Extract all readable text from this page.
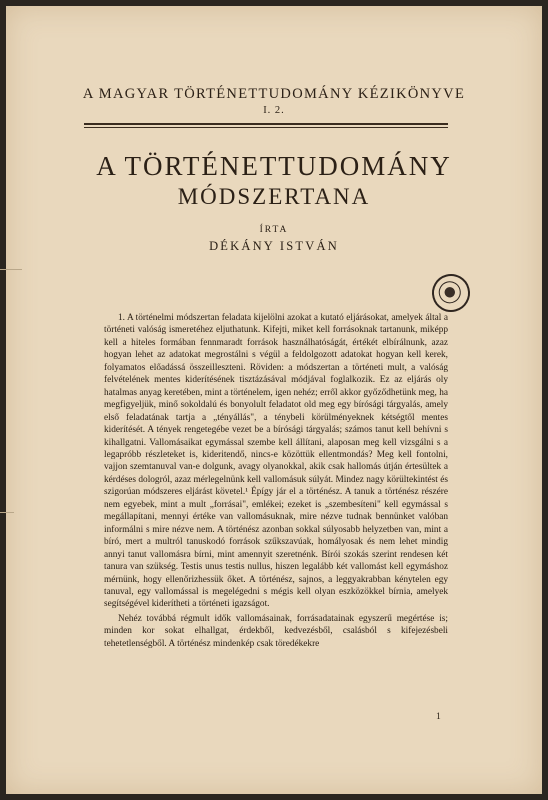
A MAGYAR TÖRTÉNETTUDOMÁNY KÉZIKÖNYVE
I. 2.
A TÖRTÉNETTUDOMÁNY
MÓDSZERTANA
ÍRTA
DÉKÁNY ISTVÁN

1. A történelmi módszertan feladata kijelölni azokat a kutató eljárásokat, amelyek által a történeti valóság ismeretéhez eljuthatunk. Kifejti, miket kell forrásoknak tartanunk, miképp kell a hiteles formában fennmaradt források használhatóságát, értékét elbírálnunk, azaz hogyan lehet az adatokat megrostálni s végül a feldolgozott adatokat hogyan kell kerek, folyamatos előadássá összeilleszteni. Röviden: a módszertan a történeti mult, a valóság felvételének mentes kiderítésének tisztázásával módjával foglalkozik. Ez az eljárás oly hatalmas anyag keretében, mint a történelem, igen nehéz; erről akkor győződhetünk meg, ha megfigyeljük, minő sokoldalú és bonyolult feladatot old meg egy bírósági tárgyalás, amely első feladatának tartja a „tényállás", a ténybeli körülményeknek kétségtől mentes kiderítését. A tények rengetegébe vezet be a bírósági tárgyalás; számos tanut kell behívni s kihallgatni. Vallomásaikat egymással szembe kell állítani, alaposan meg kell vizsgálni s a legapróbb részleteket is, kideritendő, nincs-e közöttük ellentmondás? Meg kell fontolni, vajjon szemtanuval van-e dolgunk, avagy olyanokkal, akik csak hallomás útján értesültek a kérdéses dologról, azaz mérlegelnünk kell vallomásuk súlyát. Mindez nagy körültekintést és szigorúan módszeres eljárást követel.¹ Épígy jár el a történész. A tanuk a történész részére nem egyebek, mint a mult „forrásai", emlékei; ezeket is „szembesíteni" kell egymással s megállapítani, mennyi értéke van vallomásuknak, mire nézve tudnak bennünket valóban informálni s mire nézve nem. A történész azonban sokkal súlyosabb helyzetben van, mint a bíró, mert a multról tanuskodó források szűkszavúak, homályosak és nem lehet mindig annyi tanut vallomásra bírni, mint amennyit szeretnénk. Bírói szokás szerint rendesen két tanura van szükség. Testis unus testis nullus, hiszen legalább két vallomást kell egymáshoz mérnünk, hogy ellenőrizhessük őket. A történész, sajnos, a leggyakrabban kénytelen egy tanuval, egy vallomással is megelégedni s mégis kell olyan eszközökkel bírnia, amelyek segítségével kiderítheti a történeti igazságot.

Nehéz továbbá régmult idők vallomásainak, forrásadatainak egyszerű megértése is; minden kor sokat elhallgat, érdekből, kedvezésből, csalásból s kifejezésbeli tehetetlenségből. A történész mindenkép csak töredékekre

1
